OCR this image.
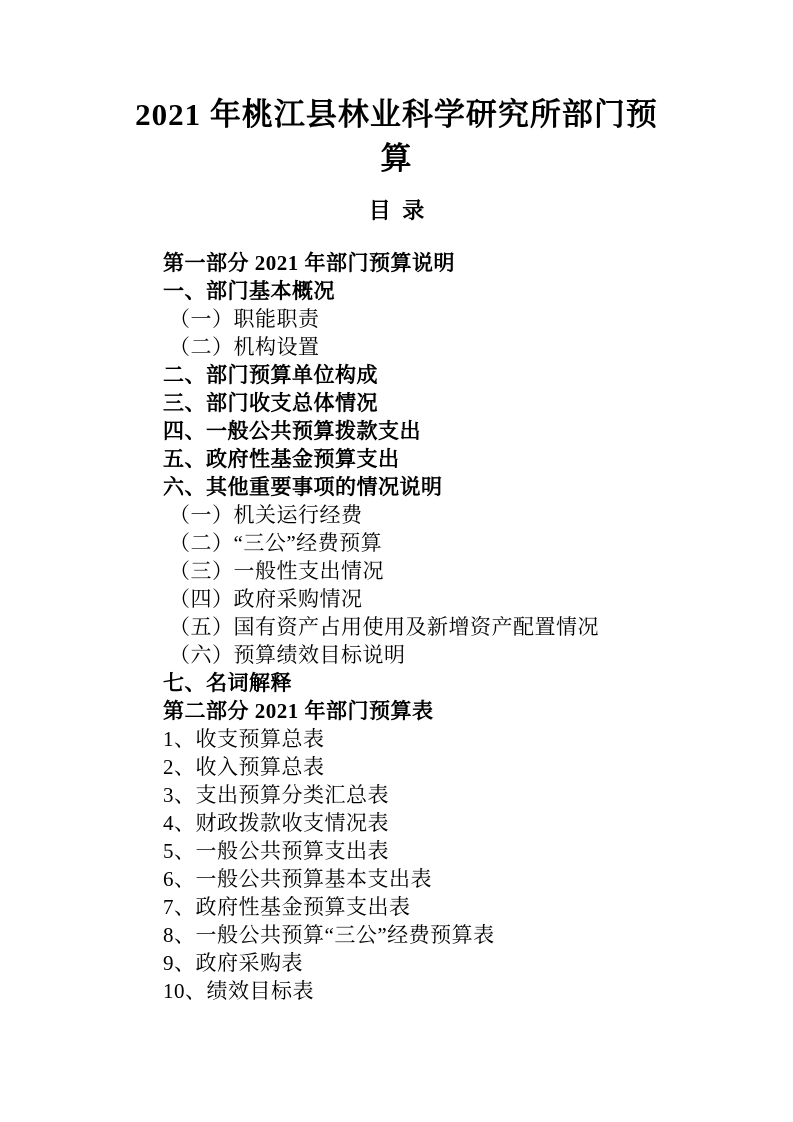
2021 年桃江县林业科学研究所部门预
算
目 录
第一部分 2021 年部门预算说明
一、部门基本概况
（一）职能职责
（二）机构设置
二、部门预算单位构成
三、部门收支总体情况
四、一般公共预算拨款支出
五、政府性基金预算支出
六、其他重要事项的情况说明
（一）机关运行经费
（二）“三公”经费预算
（三）一般性支出情况
（四）政府采购情况
（五）国有资产占用使用及新增资产配置情况
（六）预算绩效目标说明
七、名词解释
第二部分 2021 年部门预算表
1、收支预算总表
2、收入预算总表
3、支出预算分类汇总表
4、财政拨款收支情况表
5、一般公共预算支出表
6、一般公共预算基本支出表
7、政府性基金预算支出表
8、一般公共预算“三公”经费预算表
9、政府采购表
10、绩效目标表
